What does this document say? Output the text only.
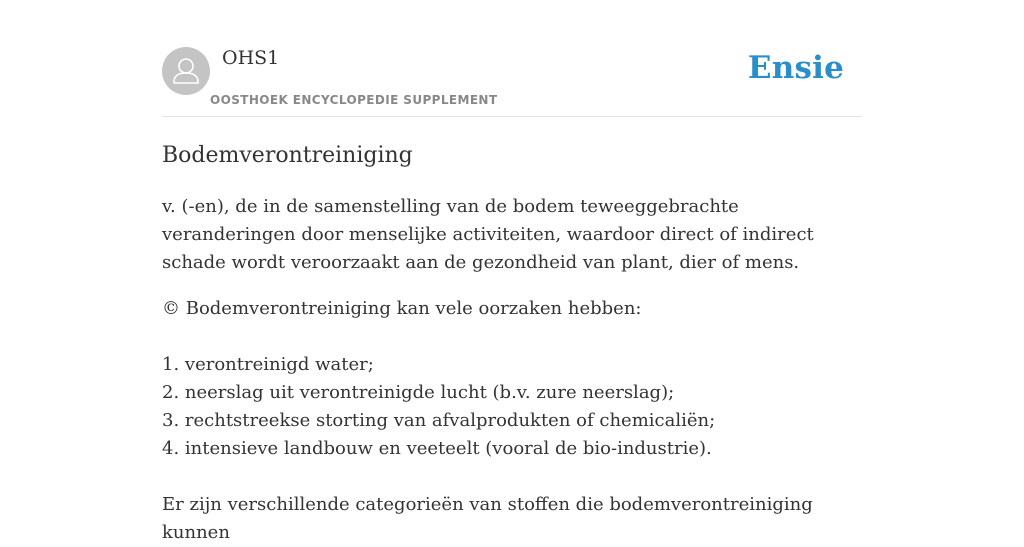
OHS1
OOSTHOEK ENCYCLOPEDIE SUPPLEMENT
Ensie
Bodemverontreiniging

v. (-en), de in de samenstelling van de bodem teweeggebrachte veranderingen door menselijke activiteiten, waardoor direct of indirect schade wordt veroorzaakt aan de gezondheid van plant, dier of mens.

© Bodemverontreiniging kan vele oorzaken hebben:

1. verontreinigd water;
2. neerslag uit verontreinigde lucht (b.v. zure neerslag);
3. rechtstreekse storting van afvalprodukten of chemicaliën;
4. intensieve landbouw en veeteelt (vooral de bio-industrie).

Er zijn verschillende categorieën van stoffen die bodemverontreiniging kunnen
